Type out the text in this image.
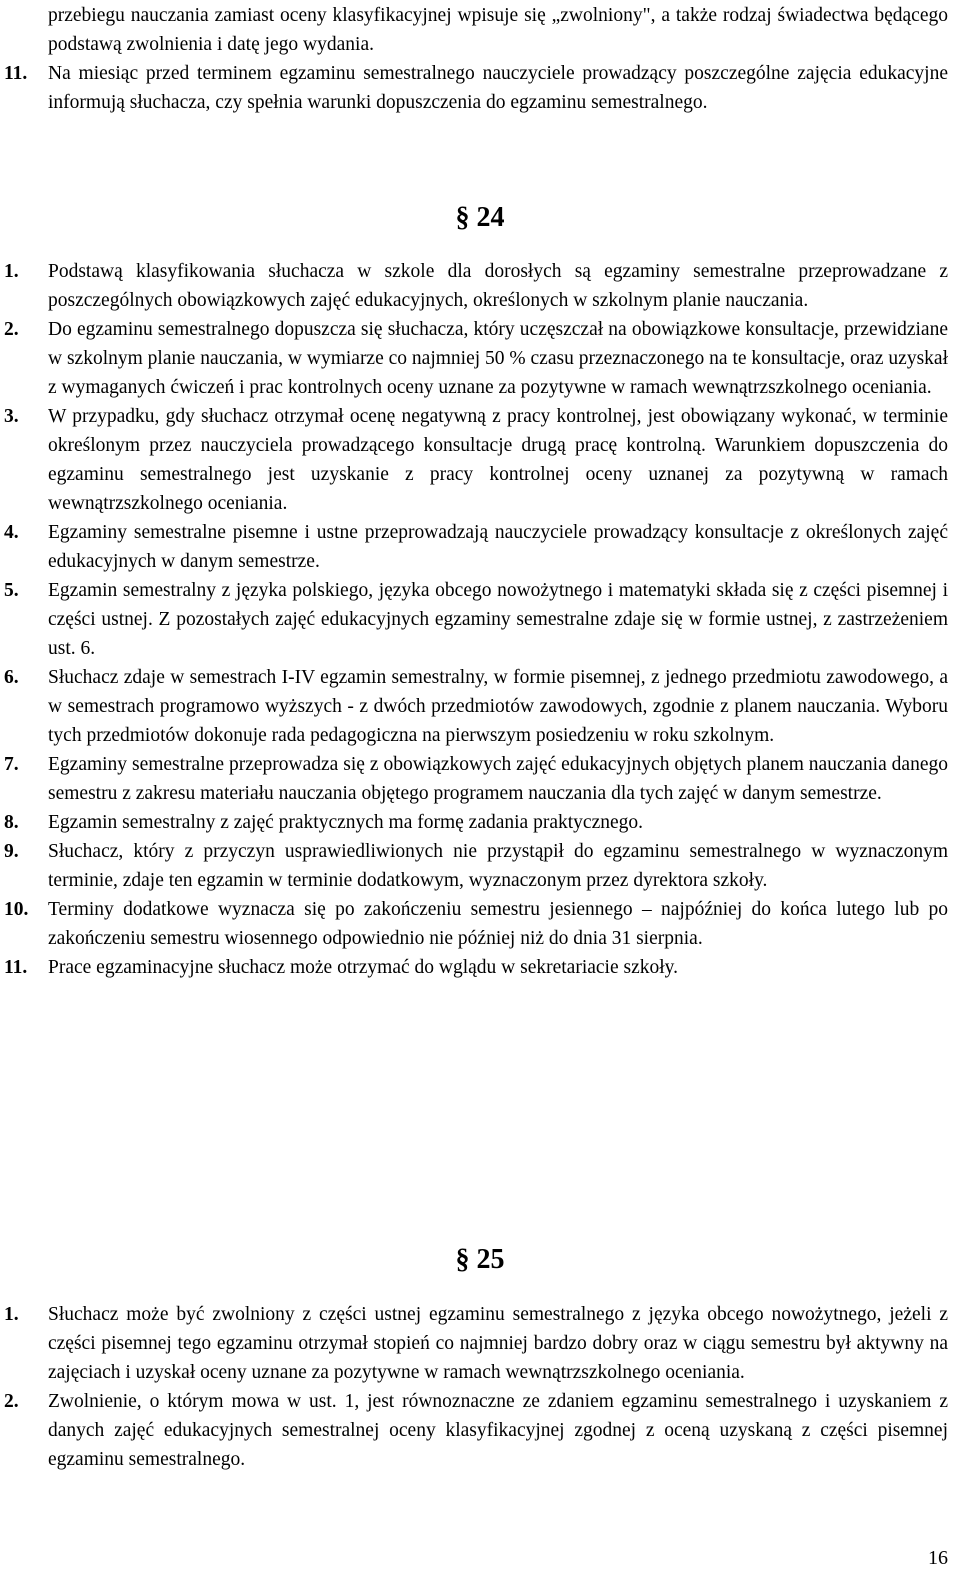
przebiegu nauczania zamiast oceny klasyfikacyjnej wpisuje się „zwolniony", a także rodzaj świadectwa będącego podstawą zwolnienia i datę jego wydania.
11. Na miesiąc przed terminem egzaminu semestralnego nauczyciele prowadzący poszczególne zajęcia edukacyjne informują słuchacza, czy spełnia warunki dopuszczenia do egzaminu semestralnego.
§ 24
1. Podstawą klasyfikowania słuchacza w szkole dla dorosłych są egzaminy semestralne przeprowadzane z poszczególnych obowiązkowych zajęć edukacyjnych, określonych w szkolnym planie nauczania.
2. Do egzaminu semestralnego dopuszcza się słuchacza, który uczęszczał na obowiązkowe konsultacje, przewidziane w szkolnym planie nauczania, w wymiarze co najmniej 50 % czasu przeznaczonego na te konsultacje, oraz uzyskał z wymaganych ćwiczeń i prac kontrolnych oceny uznane za pozytywne w ramach wewnątrzszkolnego oceniania.
3. W przypadku, gdy słuchacz otrzymał ocenę negatywną z pracy kontrolnej, jest obowiązany wykonać, w terminie określonym przez nauczyciela prowadzącego konsultacje drugą pracę kontrolną. Warunkiem dopuszczenia do egzaminu semestralnego jest uzyskanie z pracy kontrolnej oceny uznanej za pozytywną w ramach wewnątrzszkolnego oceniania.
4. Egzaminy semestralne pisemne i ustne przeprowadzają nauczyciele prowadzący konsultacje z określonych zajęć edukacyjnych w danym semestrze.
5. Egzamin semestralny z języka polskiego, języka obcego nowożytnego i matematyki składa się z części pisemnej i części ustnej. Z pozostałych zajęć edukacyjnych egzaminy semestralne zdaje się w formie ustnej, z zastrzeżeniem ust. 6.
6. Słuchacz zdaje w semestrach I-IV egzamin semestralny, w formie pisemnej, z jednego przedmiotu zawodowego, a w semestrach programowo wyższych - z dwóch przedmiotów zawodowych, zgodnie z planem nauczania. Wyboru tych przedmiotów dokonuje rada pedagogiczna na pierwszym posiedzeniu w roku szkolnym.
7. Egzaminy semestralne przeprowadza się z obowiązkowych zajęć edukacyjnych objętych planem nauczania danego semestru z zakresu materiału nauczania objętego programem nauczania dla tych zajęć w danym semestrze.
8. Egzamin semestralny z zajęć praktycznych ma formę zadania praktycznego.
9. Słuchacz, który z przyczyn usprawiedliwionych nie przystąpił do egzaminu semestralnego w wyznaczonym terminie, zdaje ten egzamin w terminie dodatkowym, wyznaczonym przez dyrektora szkoły.
10. Terminy dodatkowe wyznacza się po zakończeniu semestru jesiennego – najpóźniej do końca lutego lub po zakończeniu semestru wiosennego odpowiednio nie później niż do dnia 31 sierpnia.
11. Prace egzaminacyjne słuchacz może otrzymać do wglądu w sekretariacie szkoły.
§ 25
1. Słuchacz może być zwolniony z części ustnej egzaminu semestralnego z języka obcego nowożytnego, jeżeli z części pisemnej tego egzaminu otrzymał stopień co najmniej bardzo dobry oraz w ciągu semestru był aktywny na zajęciach i uzyskał oceny uznane za pozytywne w ramach wewnątrzszkolnego oceniania.
2. Zwolnienie, o którym mowa w ust. 1, jest równoznaczne ze zdaniem egzaminu semestralnego i uzyskaniem z danych zajęć edukacyjnych semestralnej oceny klasyfikacyjnej zgodnej z oceną uzyskaną z części pisemnej egzaminu semestralnego.
16
